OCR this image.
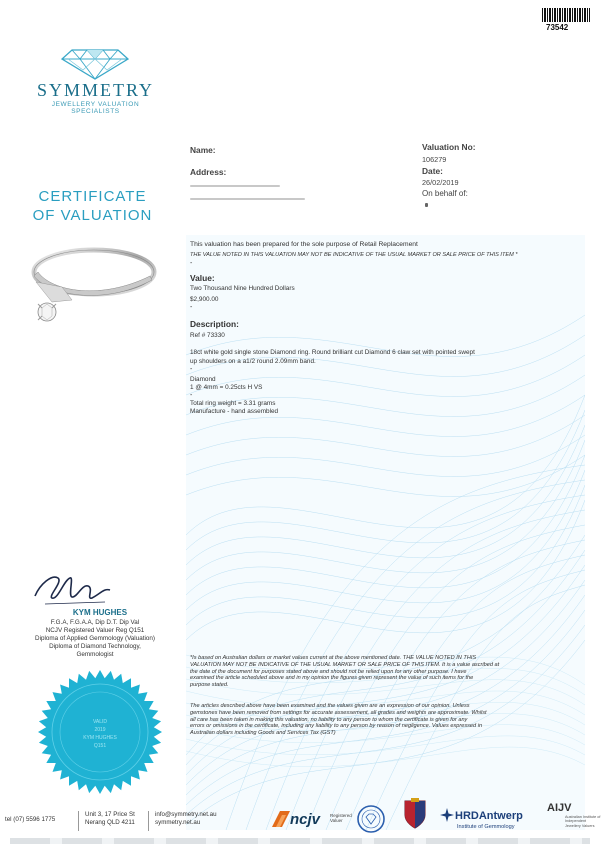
73542
SYMMETRY
JEWELLERY VALUATION SPECIALISTS
CERTIFICATE
OF VALUATION
Name:
Address:
Valuation No:
106279
Date:
26/02/2019
On behalf of:
This valuation has been prepared for the sole purpose of Retail Replacement
THE VALUE NOTED IN THIS VALUATION MAY NOT BE INDICATIVE OF THE USUAL MARKET OR SALE PRICE OF THIS ITEM *
-
Value:
Two Thousand Nine Hundred Dollars
$2,900.00
-
Description:
Ref # 73330
18ct white gold single stone Diamond ring. Round brilliant cut Diamond 6 claw set with pointed swept
up shoulders on a a1/2 round 2.09mm band.
-
Diamond
1 @ 4mm = 0.25cts H VS
-
Total ring weight = 3.31 grams
Manufacture - hand assembled
*Is based on Australian dollars or market values current at the above mentioned date. THE VALUE NOTED IN THIS
VALUATION MAY NOT BE INDICATIVE OF THE USUAL MARKET OR SALE PRICE OF THIS ITEM. It is a value ascribed at
the date of the document for purposes stated above and should not be relied upon for any other purpose. I have
examined the article scheduled above and in my opinion the figures given represent the value of such items for the
purpose stated.
The articles described above have been examined and the values given are an expression of our opinion. Unless
gemstones have been removed from settings for accurate assessement, all grades and weights are approximate. Whilst
all care has been taken in making this valuation, no liability to any person to whom the certificate is given for any
errors or omissions in the certificate, including any liability to any person by reason of negligence. Values expressed in
Australian dollars including Goods and Services Tax (GST)
KYM HUGHES
F.G.A, F.G.A.A, Dip D.T. Dip Val
NCJV Registered Valuer Reg Q151
Diploma of Applied Gemmology (Valuation)
Diploma of Diamond Technology,
Gemmologist
VALID
2019
KYM HUGHES
Q151
tel (07) 5596 1775
Unit 3, 17 Price St
Nerang QLD 4211
info@symmetry.net.au
symmetry.net.au	ncjv Registered
Valuer	HRDAntwerp
Institute of Gemmology
AIJV
Australian Institute of
Independent
Jewellery Valuers
